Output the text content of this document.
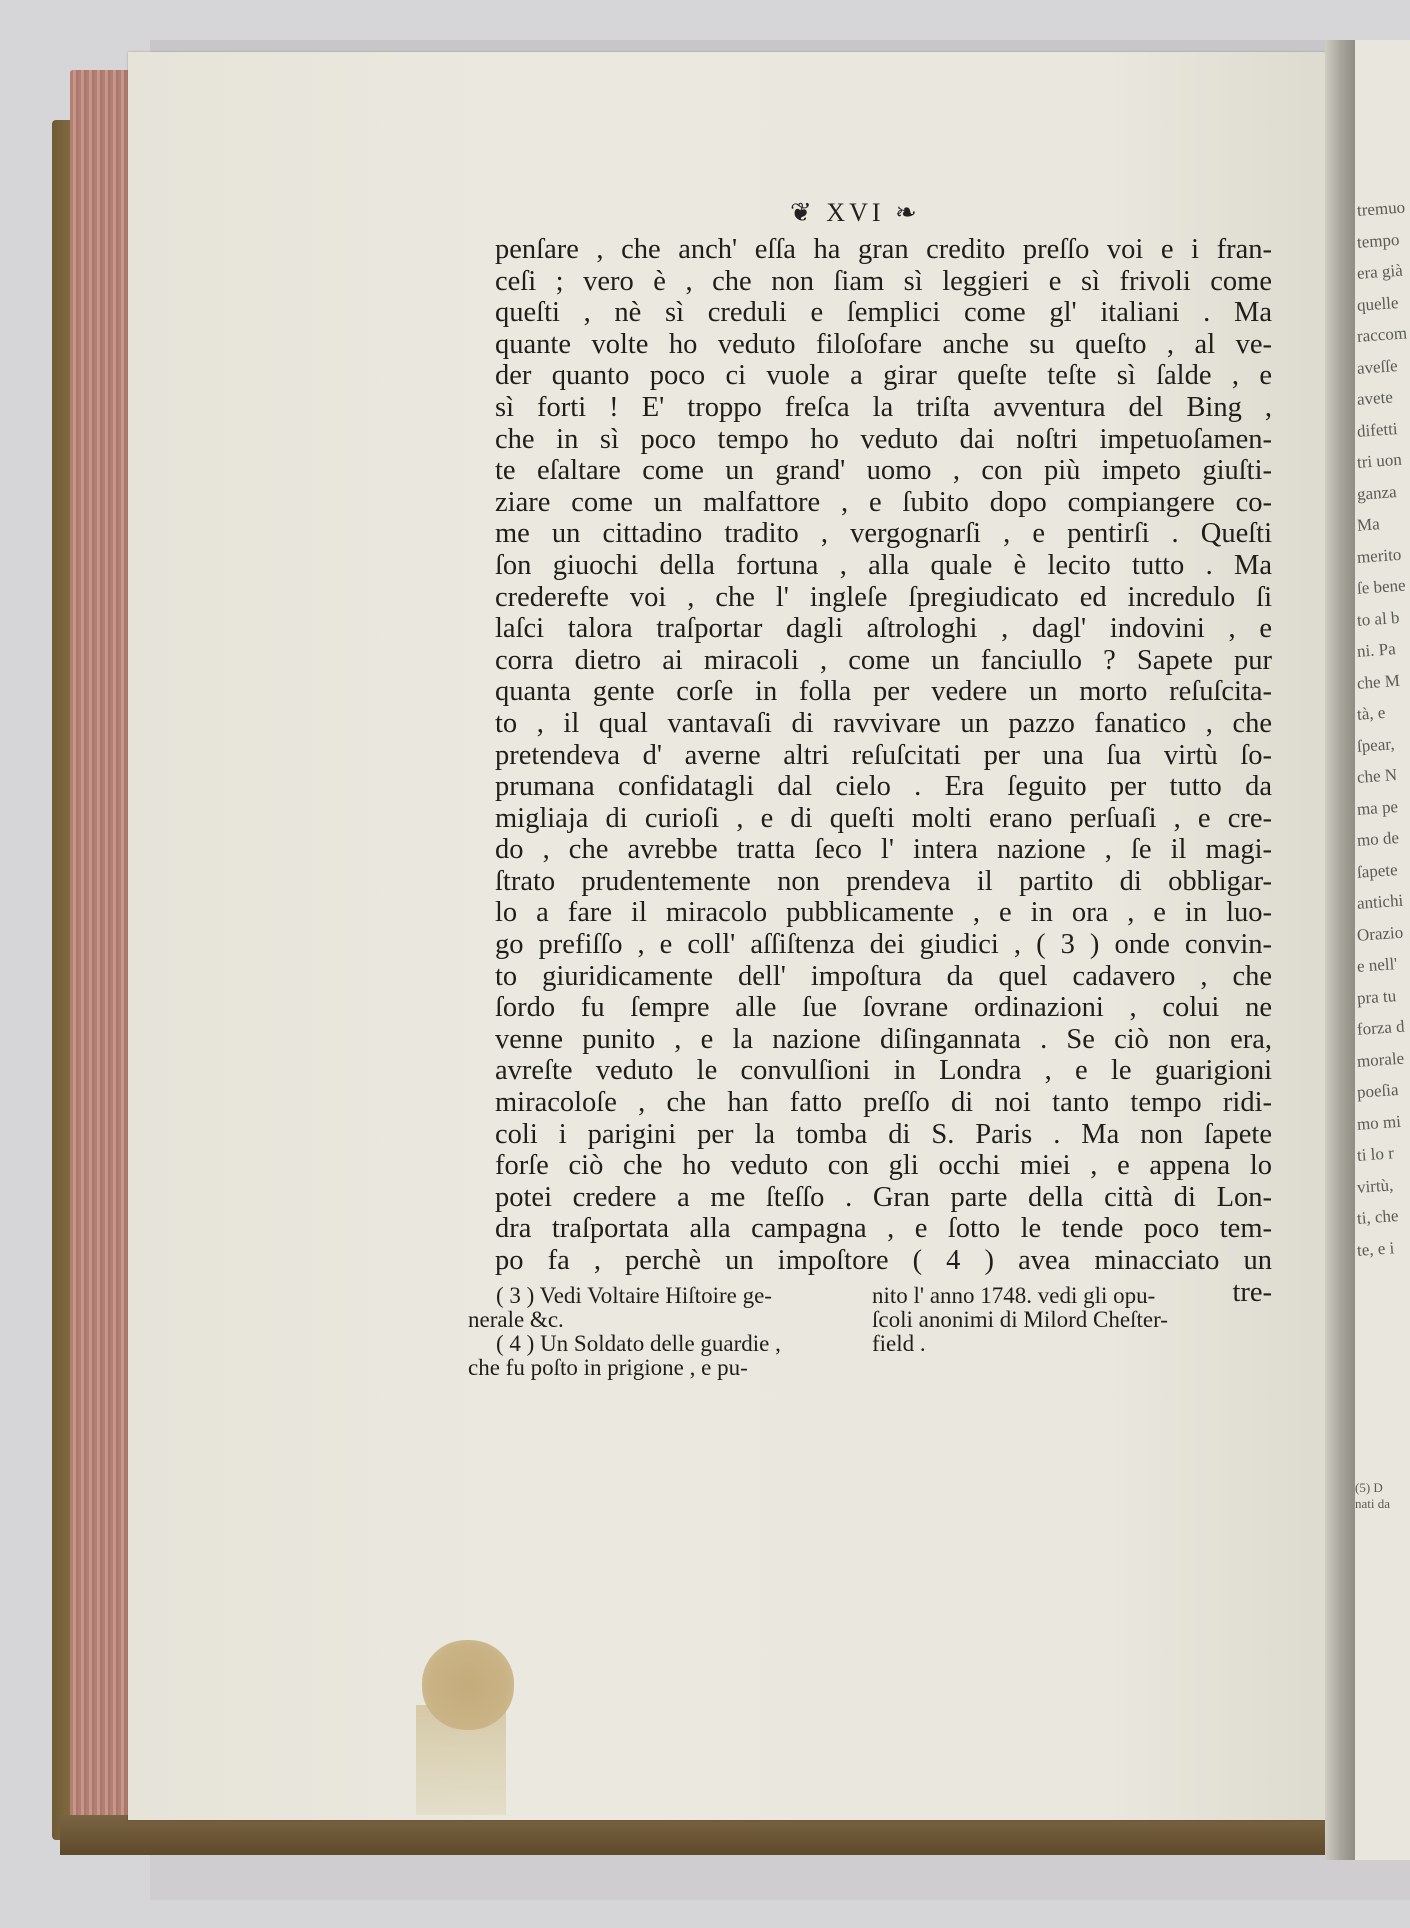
tremuo
tempo
era già
quelle
raccom
aveſſe
avete
difetti
tri uon
ganza
Ma
merito
ſe bene
to al b
ni. Pa
che M
tà, e
ſpear,
che N
ma pe
mo de
ſapete
antichi
Orazio
e nell'
pra tu
forza d
morale
poeſia
mo mi
ti lo r
virtù,
ti, che
te, e i
(5) D
nati da
❦ XVI ❧
penſare , che anch' eſſa ha gran credito preſſo voi e i fran-
ceſi ; vero è , che non ſiam sì leggieri e sì frivoli come
queſti , nè sì creduli e ſemplici come gl' italiani . Ma
quante volte ho veduto filoſofare anche su queſto , al ve-
der quanto poco ci vuole a girar queſte teſte sì ſalde , e
sì forti ! E' troppo freſca la triſta avventura del Bing ,
che in sì poco tempo ho veduto dai noſtri impetuoſamen-
te eſaltare come un grand' uomo , con più impeto giuſti-
ziare come un malfattore , e ſubito dopo compiangere co-
me un cittadino tradito , vergognarſi , e pentirſi . Queſti
ſon giuochi della fortuna , alla quale è lecito tutto . Ma
crederefte voi , che l' ingleſe ſpregiudicato ed incredulo ſi
laſci talora traſportar dagli aſtrologhi , dagl' indovini , e
corra dietro ai miracoli , come un fanciullo ? Sapete pur
quanta gente corſe in folla per vedere un morto reſuſcita-
to , il qual vantavaſi di ravvivare un pazzo fanatico , che
pretendeva d' averne altri reſuſcitati per una ſua virtù ſo-
prumana confidatagli dal cielo . Era ſeguito per tutto da
migliaja di curioſi , e di queſti molti erano perſuaſi , e cre-
do , che avrebbe tratta ſeco l' intera nazione , ſe il magi-
ſtrato prudentemente non prendeva il partito di obbligar-
lo a fare il miracolo pubblicamente , e in ora , e in luo-
go prefiſſo , e coll' aſſiſtenza dei giudici , ( 3 ) onde convin-
to giuridicamente dell' impoſtura da quel cadavero , che
ſordo fu ſempre alle ſue ſovrane ordinazioni , colui ne
venne punito , e la nazione diſingannata . Se ciò non era,
avreſte veduto le convulſioni in Londra , e le guarigioni
miracoloſe , che han fatto preſſo di noi tanto tempo ridi-
coli i parigini per la tomba di S. Paris . Ma non ſapete
forſe ciò che ho veduto con gli occhi miei , e appena lo
potei credere a me ſteſſo . Gran parte della città di Lon-
dra traſportata alla campagna , e ſotto le tende poco tem-
po fa , perchè un impoſtore ( 4 ) avea minacciato un
tre-
( 3 ) Vedi Voltaire Hiſtoire ge-
nerale &c.
( 4 ) Un Soldato delle guardie ,
che fu poſto in prigione , e pu-
nito l' anno 1748. vedi gli opu-
ſcoli anonimi di Milord Cheſter-
field .
